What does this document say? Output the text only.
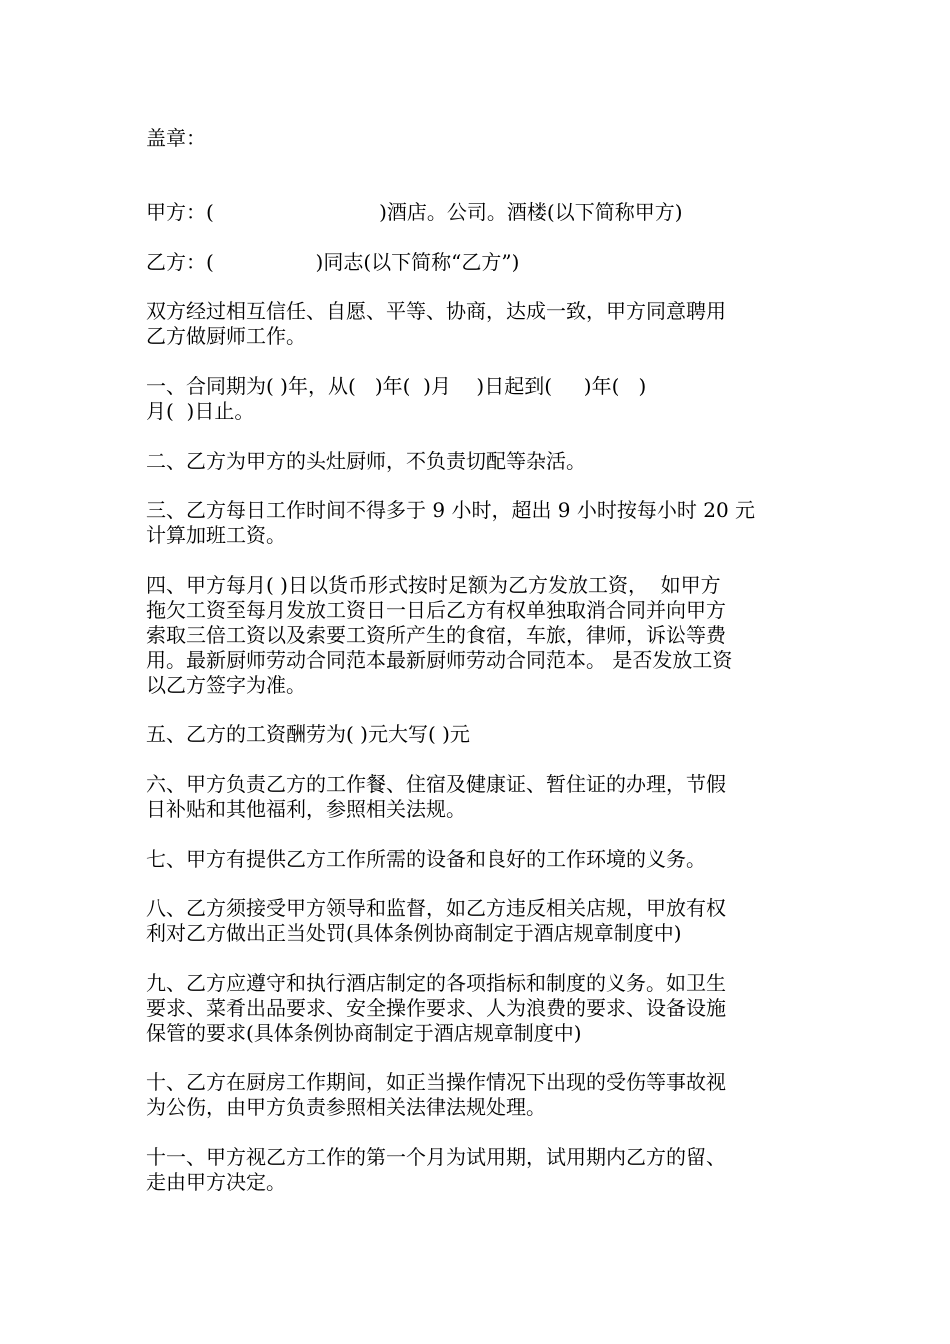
盖章：

甲方：(                          )酒店。公司。酒楼(以下简称甲方)

乙方：(                )同志(以下简称“乙方”)

双方经过相互信任、自愿、平等、协商，达成一致，甲方同意聘用

乙方做厨师工作。

一、合同期为( )年，从(   )年(  )月    )日起到(     )年(   )

月(  )日止。

二、乙方为甲方的头灶厨师，不负责切配等杂活。

三、乙方每日工作时间不得多于 9 小时，超出 9 小时按每小时 20 元

计算加班工资。

四、甲方每月( )日以货币形式按时足额为乙方发放工资，  如甲方

拖欠工资至每月发放工资日一日后乙方有权单独取消合同并向甲方

索取三倍工资以及索要工资所产生的食宿，车旅，律师，诉讼等费

用。最新厨师劳动合同范本最新厨师劳动合同范本。 是否发放工资

以乙方签字为准。

五、乙方的工资酬劳为( )元大写( )元

六、甲方负责乙方的工作餐、住宿及健康证、暂住证的办理，节假

日补贴和其他福利，参照相关法规。

七、甲方有提供乙方工作所需的设备和良好的工作环境的义务。

八、乙方须接受甲方领导和监督，如乙方违反相关店规，甲放有权

利对乙方做出正当处罚(具体条例协商制定于酒店规章制度中)

九、乙方应遵守和执行酒店制定的各项指标和制度的义务。如卫生

要求、菜肴出品要求、安全操作要求、人为浪费的要求、设备设施

保管的要求(具体条例协商制定于酒店规章制度中)

十、乙方在厨房工作期间，如正当操作情况下出现的受伤等事故视

为公伤，由甲方负责参照相关法律法规处理。

十一、甲方视乙方工作的第一个月为试用期，试用期内乙方的留、

走由甲方决定。
